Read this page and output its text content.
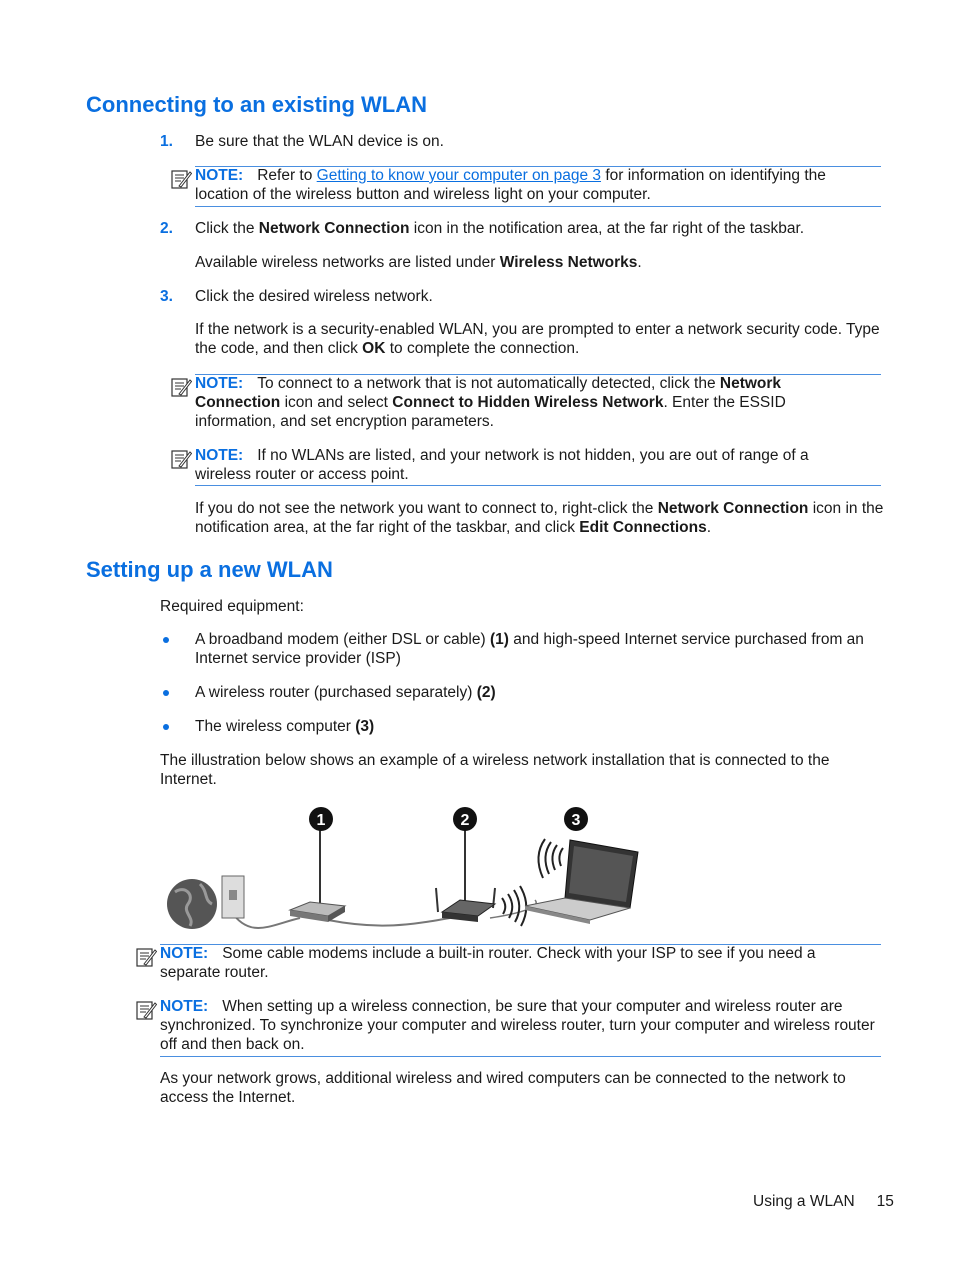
Connecting to an existing WLAN
1. Be sure that the WLAN device is on.

NOTE: Refer to Getting to know your computer on page 3 for information on identifying the location of the wireless button and wireless light on your computer.

2. Click the Network Connection icon in the notification area, at the far right of the taskbar.

Available wireless networks are listed under Wireless Networks.

3. Click the desired wireless network.

If the network is a security-enabled WLAN, you are prompted to enter a network security code. Type the code, and then click OK to complete the connection.

NOTE: To connect to a network that is not automatically detected, click the Network Connection icon and select Connect to Hidden Wireless Network. Enter the ESSID information, and set encryption parameters.

NOTE: If no WLANs are listed, and your network is not hidden, you are out of range of a wireless router or access point.

If you do not see the network you want to connect to, right-click the Network Connection icon in the notification area, at the far right of the taskbar, and click Edit Connections.

Setting up a new WLAN

Required equipment:

A broadband modem (either DSL or cable) (1) and high-speed Internet service purchased from an Internet service provider (ISP)

A wireless router (purchased separately) (2)

The wireless computer (3)

The illustration below shows an example of a wireless network installation that is connected to the Internet.

1	2	3

NOTE: Some cable modems include a built-in router. Check with your ISP to see if you need a separate router.

NOTE: When setting up a wireless connection, be sure that your computer and wireless router are synchronized. To synchronize your computer and wireless router, turn your computer and wireless router off and then back on.

As your network grows, additional wireless and wired computers can be connected to the network to access the Internet.

Using a WLAN 15
